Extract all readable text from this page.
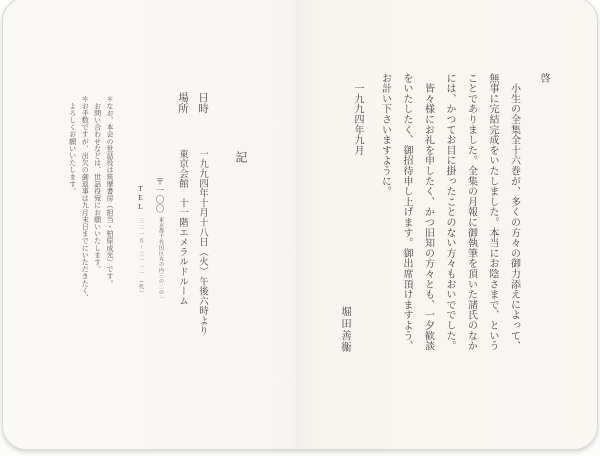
啓
　小生の全集全十六巻が、多くの方々の御力添えによって、
無事に完結完成をいたしました。本当にお陰さまで、という
ことでありました。全集の月報に御執筆を頂いた諸氏のなか
には、かつてお目に掛ったことのない方々もおいででした。
　皆々様にお礼を申したく、かつ旧知の方々とも、一夕歓談
をいたしたく、御招待申し上げます。御出席頂けますよう、
お計い下さいますように。
　一九九四年九月
堀田善衞
記
日時一九九四年十月十八日（火）午後六時より
場所東京会館　十一階エメラルドルーム
〒一〇〇東京都千代田区丸の内三の二の一
TEL三二一五－二一一一（代）
＊なお、本会の世話役は筑摩書房（担当・柏原成光）です。
　お問い合わせなどは、世話役宛にお願いいたします。
＊お手数ですが、出欠の御返事は九月末日までにいただきたく、
　よろしくお願いいたします。
